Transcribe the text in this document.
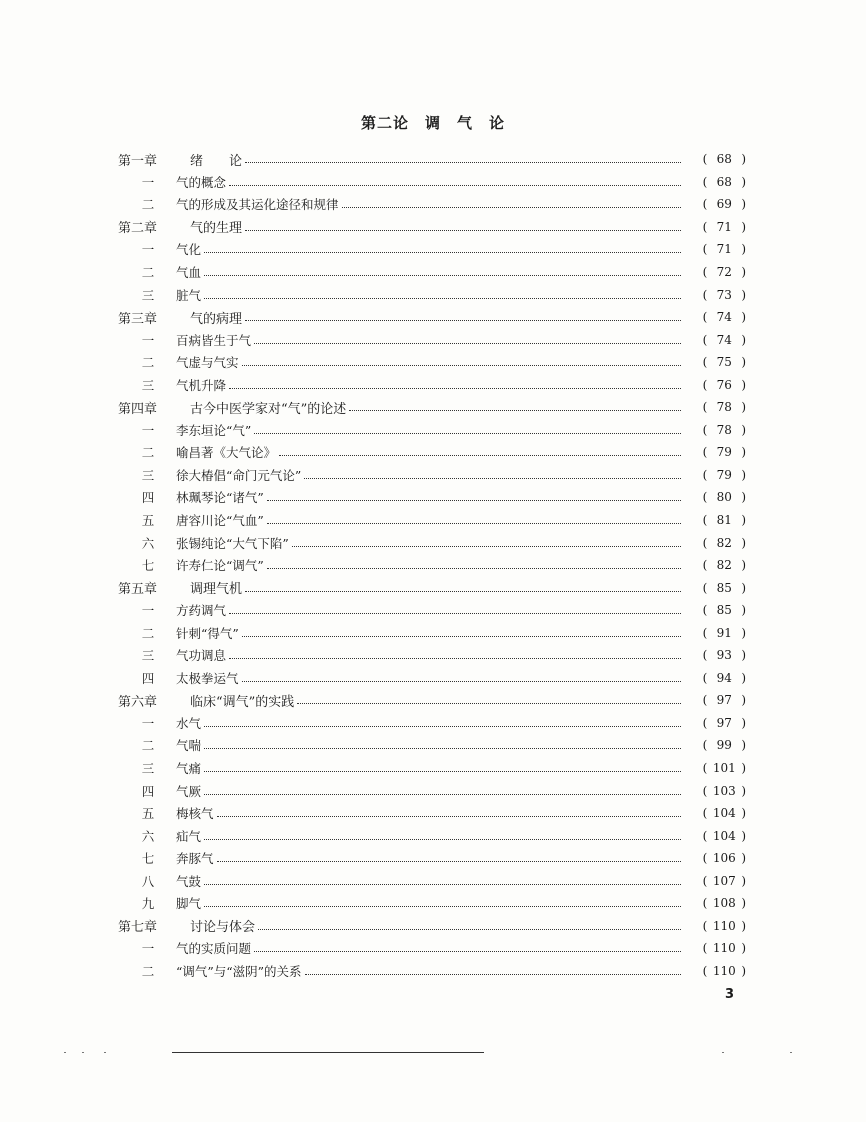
第二论　调　气　论
第一章	绪　　论	( 68 )
一	气的概念	( 68 )
二	气的形成及其运化途径和规律	( 69 )
第二章	气的生理	( 71 )
一	气化	( 71 )
二	气血	( 72 )
三	脏气	( 73 )
第三章	气的病理	( 74 )
一	百病皆生于气	( 74 )
二	气虚与气实	( 75 )
三	气机升降	( 76 )
第四章	古今中医学家对“气”的论述	( 78 )
一	李东垣论“气”	( 78 )
二	喻昌著《大气论》	( 79 )
三	徐大椿倡“命门元气论”	( 79 )
四	林珮琴论“诸气”	( 80 )
五	唐容川论“气血”	( 81 )
六	张锡纯论“大气下陷”	( 82 )
七	许寿仁论“调气”	( 82 )
第五章	调理气机	( 85 )
一	方药调气	( 85 )
二	针刺“得气”	( 91 )
三	气功调息	( 93 )
四	太极拳运气	( 94 )
第六章	临床“调气”的实践	( 97 )
一	水气	( 97 )
二	气喘	( 99 )
三	气痛	( 101 )
四	气厥	( 103 )
五	梅核气	( 104 )
六	疝气	( 104 )
七	奔豚气	( 106 )
八	气鼓	( 107 )
九	脚气	( 108 )
第七章	讨论与体会	( 110 )
一	气的实质问题	( 110 )
二	“调气”与“滋阴”的关系	( 110 )
3
